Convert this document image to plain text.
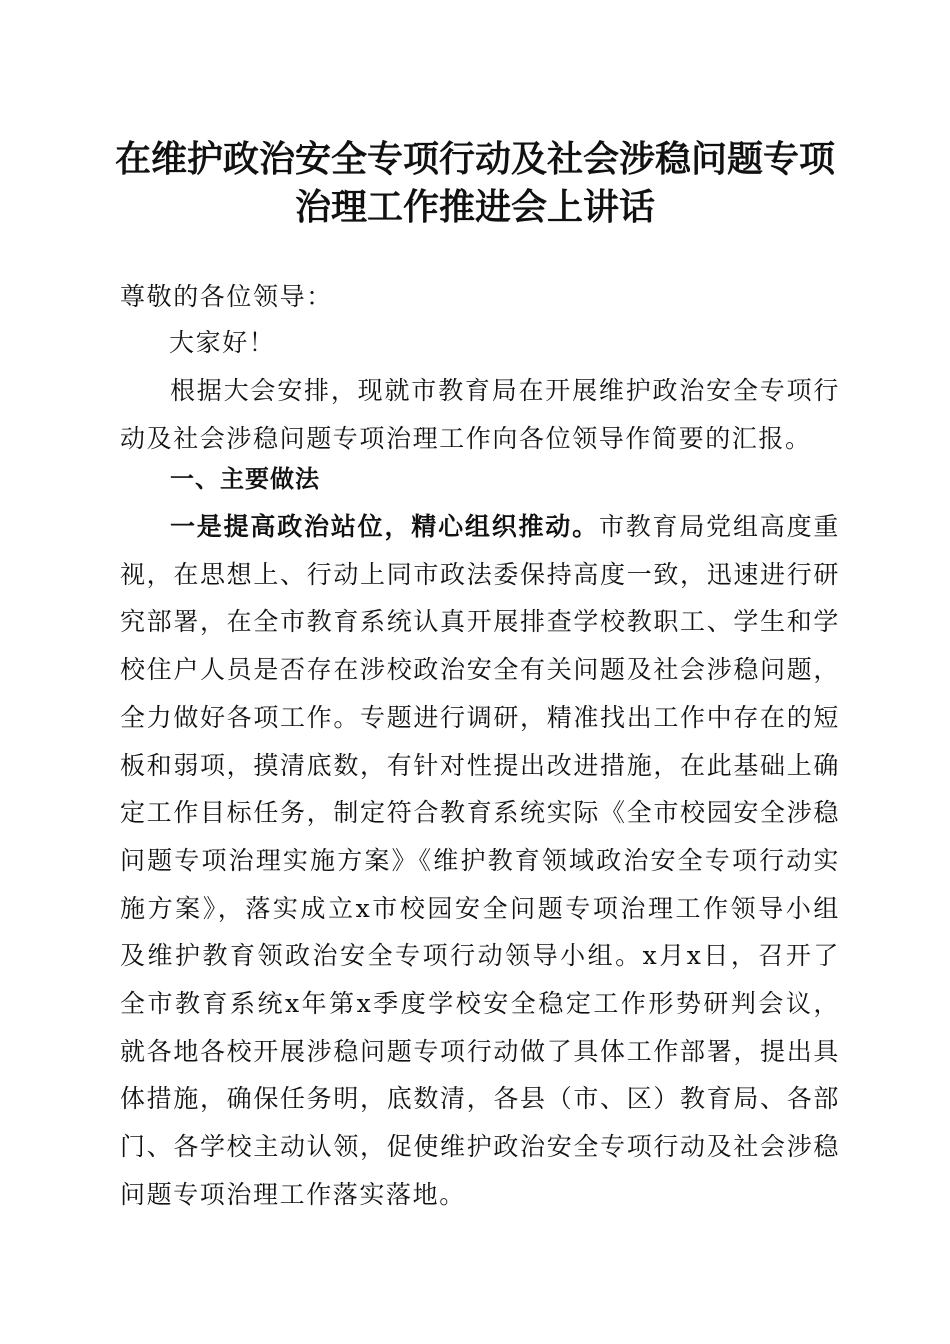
在维护政治安全专项行动及社会涉稳问题专项
治理工作推进会上讲话
尊敬的各位领导：
大家好！

根据大会安排，现就市教育局在开展维护政治安全专项行动及社会涉稳问题专项治理工作向各位领导作简要的汇报。

一、主要做法

一是提高政治站位，精心组织推动。市教育局党组高度重视，在思想上、行动上同市政法委保持高度一致，迅速进行研究部署，在全市教育系统认真开展排查学校教职工、学生和学校住户人员是否存在涉校政治安全有关问题及社会涉稳问题，全力做好各项工作。专题进行调研，精准找出工作中存在的短板和弱项，摸清底数，有针对性提出改进措施，在此基础上确定工作目标任务，制定符合教育系统实际《全市校园安全涉稳问题专项治理实施方案》《维护教育领域政治安全专项行动实施方案》，落实成立x市校园安全问题专项治理工作领导小组及维护教育领政治安全专项行动领导小组。x月x日，召开了全市教育系统x年第x季度学校安全稳定工作形势研判会议，就各地各校开展涉稳问题专项行动做了具体工作部署，提出具体措施，确保任务明，底数清，各县（市、区）教育局、各部门、各学校主动认领，促使维护政治安全专项行动及社会涉稳问题专项治理工作落实落地。
